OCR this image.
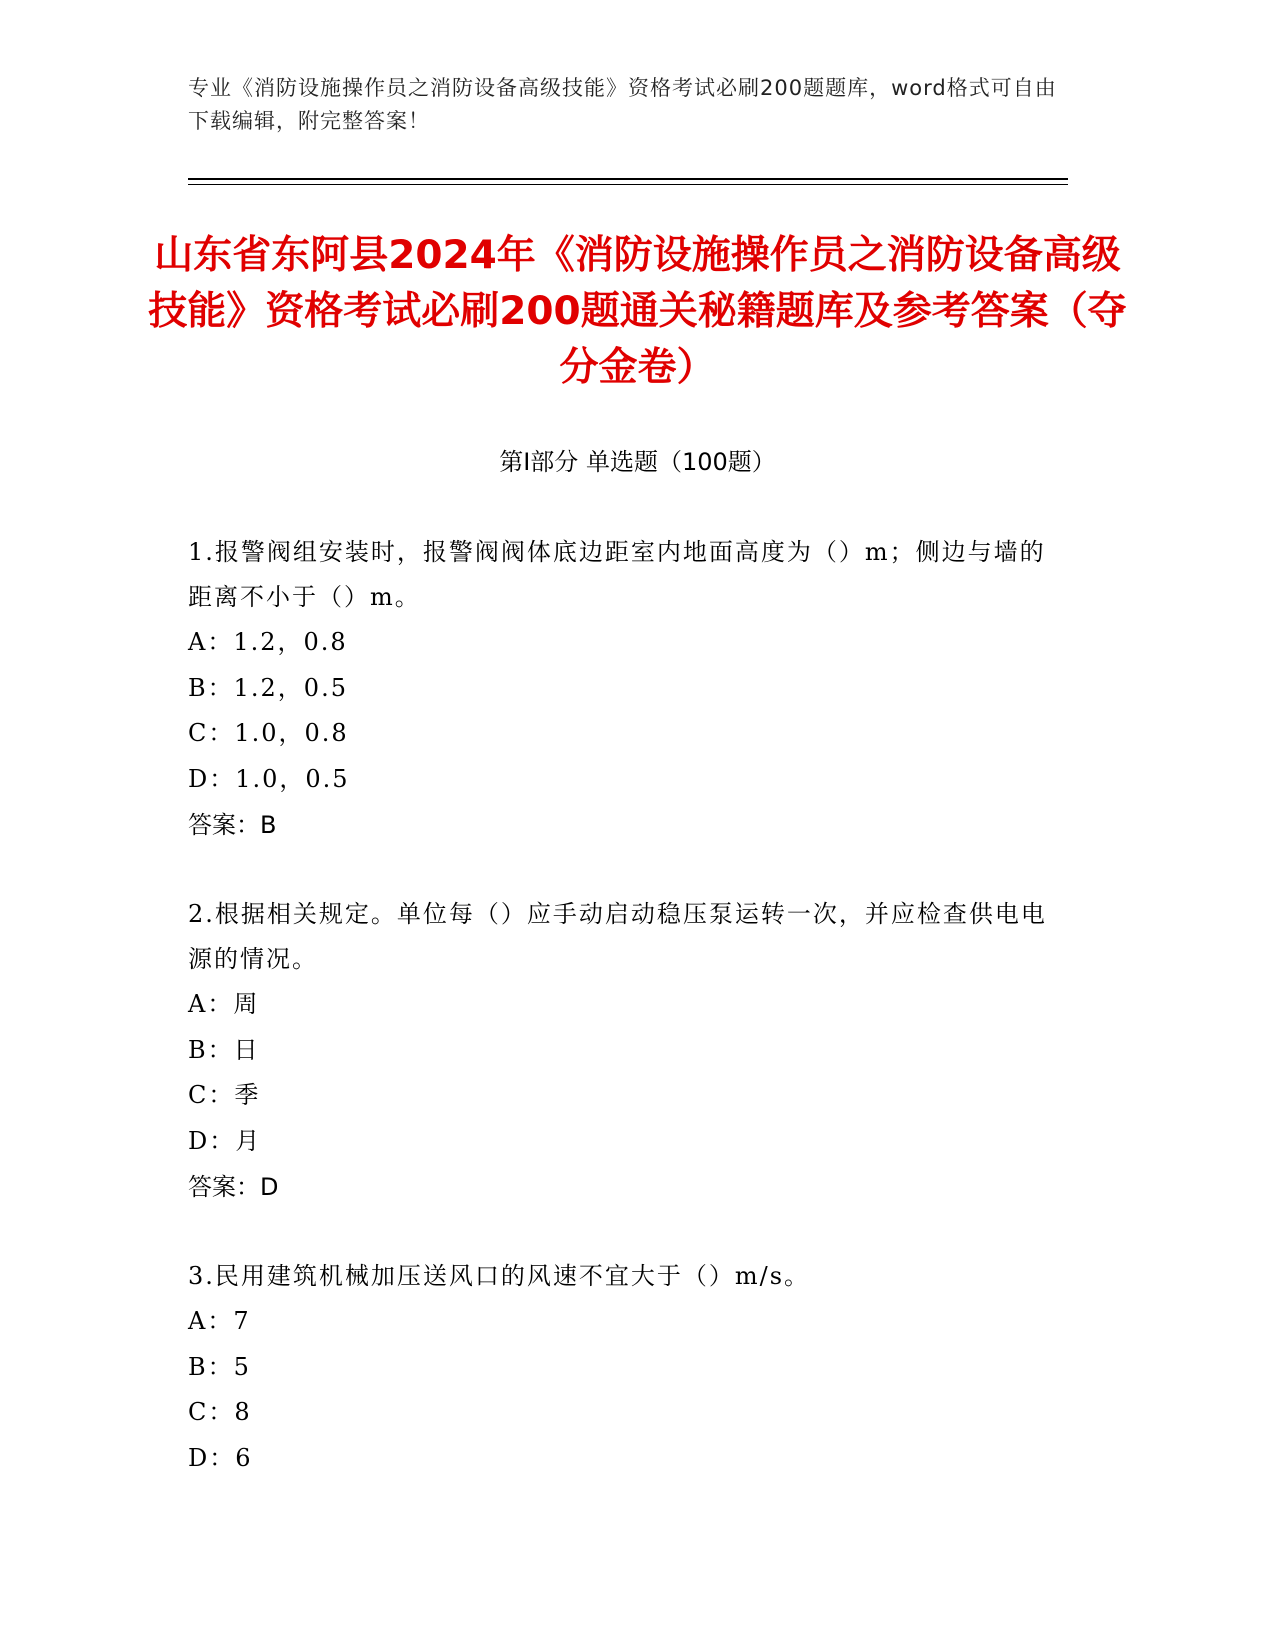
专业《消防设施操作员之消防设备高级技能》资格考试必刷200题题库，word格式可自由下载编辑，附完整答案！
山东省东阿县2024年《消防设施操作员之消防设备高级技能》资格考试必刷200题通关秘籍题库及参考答案（夺分金卷）
第Ⅰ部分 单选题（100题）
1.报警阀组安装时，报警阀阀体底边距室内地面高度为（）m；侧边与墙的距离不小于（）m。
A：1.2，0.8
B：1.2，0.5
C：1.0，0.8
D：1.0，0.5
答案：B
2.根据相关规定。单位每（）应手动启动稳压泵运转一次，并应检查供电电源的情况。
A：周
B：日
C：季
D：月
答案：D
3.民用建筑机械加压送风口的风速不宜大于（）m/s。
A：7
B：5
C：8
D：6
